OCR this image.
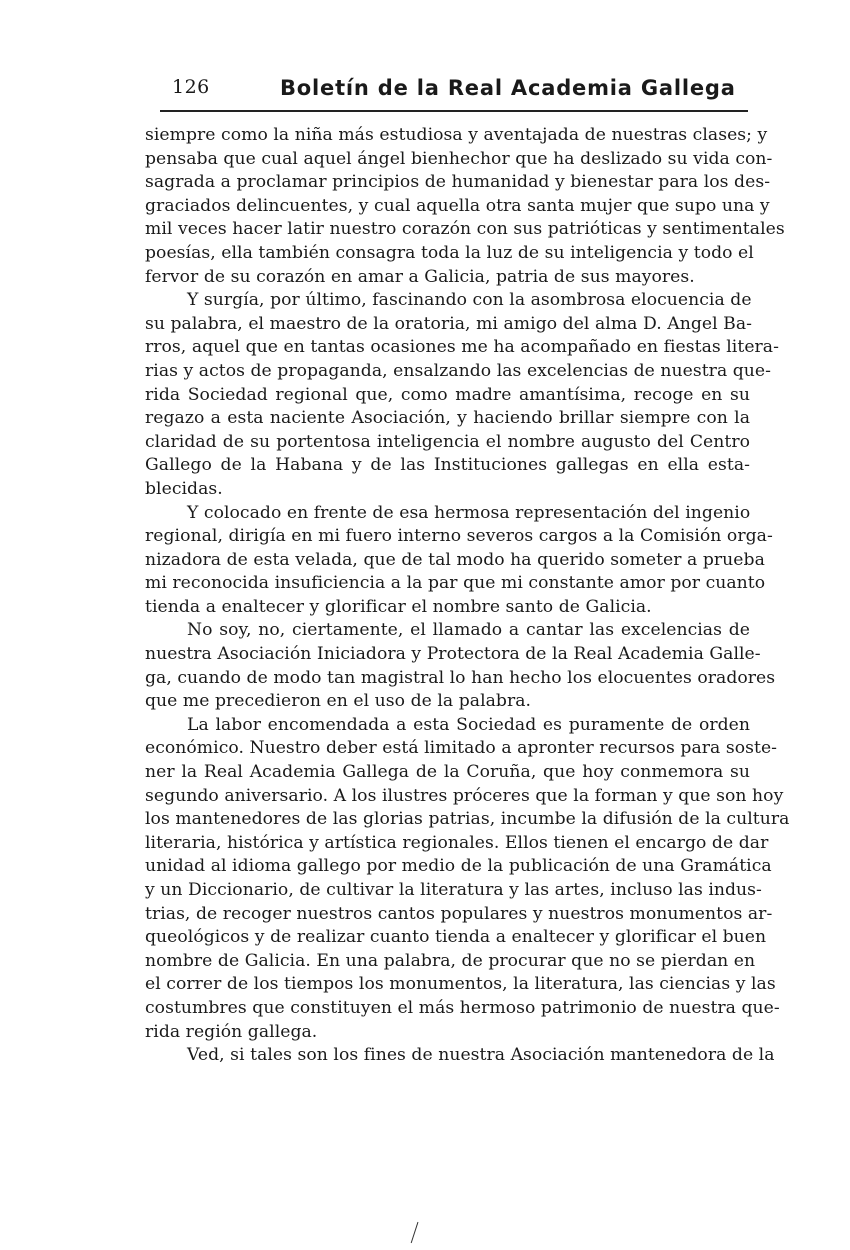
126	Boletín de la Real Academia Gallega
siempre como la niña más estudiosa y aventajada de nuestras clases; y
pensaba que cual aquel ángel bienhechor que ha deslizado su vida con-
sagrada a proclamar principios de humanidad y bienestar para los des-
graciados delincuentes, y cual aquella otra santa mujer que supo una y
mil veces hacer latir nuestro corazón con sus patrióticas y sentimentales
poesías, ella también consagra toda la luz de su inteligencia y todo el
fervor de su corazón en amar a Galicia, patria de sus mayores.
Y surgía, por último, fascinando con la asombrosa elocuencia de
su palabra, el maestro de la oratoria, mi amigo del alma D. Angel Ba-
rros, aquel que en tantas ocasiones me ha acompañado en fiestas litera-
rias y actos de propaganda, ensalzando las excelencias de nuestra que-
rida Sociedad regional que, como madre amantísima, recoge en su
regazo a esta naciente Asociación, y haciendo brillar siempre con la
claridad de su portentosa inteligencia el nombre augusto del Centro
Gallego de la Habana y de las Instituciones gallegas en ella esta-
blecidas.
Y colocado en frente de esa hermosa representación del ingenio
regional, dirigía en mi fuero interno severos cargos a la Comisión orga-
nizadora de esta velada, que de tal modo ha querido someter a prueba
mi reconocida insuficiencia a la par que mi constante amor por cuanto
tienda a enaltecer y glorificar el nombre santo de Galicia.
No soy, no, ciertamente, el llamado a cantar las excelencias de
nuestra Asociación Iniciadora y Protectora de la Real Academia Galle-
ga, cuando de modo tan magistral lo han hecho los elocuentes oradores
que me precedieron en el uso de la palabra.
La labor encomendada a esta Sociedad es puramente de orden
económico. Nuestro deber está limitado a apronter recursos para soste-
ner la Real Academia Gallega de la Coruña, que hoy conmemora su
segundo aniversario. A los ilustres próceres que la forman y que son hoy
los mantenedores de las glorias patrias, incumbe la difusión de la cultura
literaria, histórica y artística regionales. Ellos tienen el encargo de dar
unidad al idioma gallego por medio de la publicación de una Gramática
y un Diccionario, de cultivar la literatura y las artes, incluso las indus-
trias, de recoger nuestros cantos populares y nuestros monumentos ar-
queológicos y de realizar cuanto tienda a enaltecer y glorificar el buen
nombre de Galicia. En una palabra, de procurar que no se pierdan en
el correr de los tiempos los monumentos, la literatura, las ciencias y las
costumbres que constituyen el más hermoso patrimonio de nuestra que-
rida región gallega.
Ved, si tales son los fines de nuestra Asociación mantenedora de la
